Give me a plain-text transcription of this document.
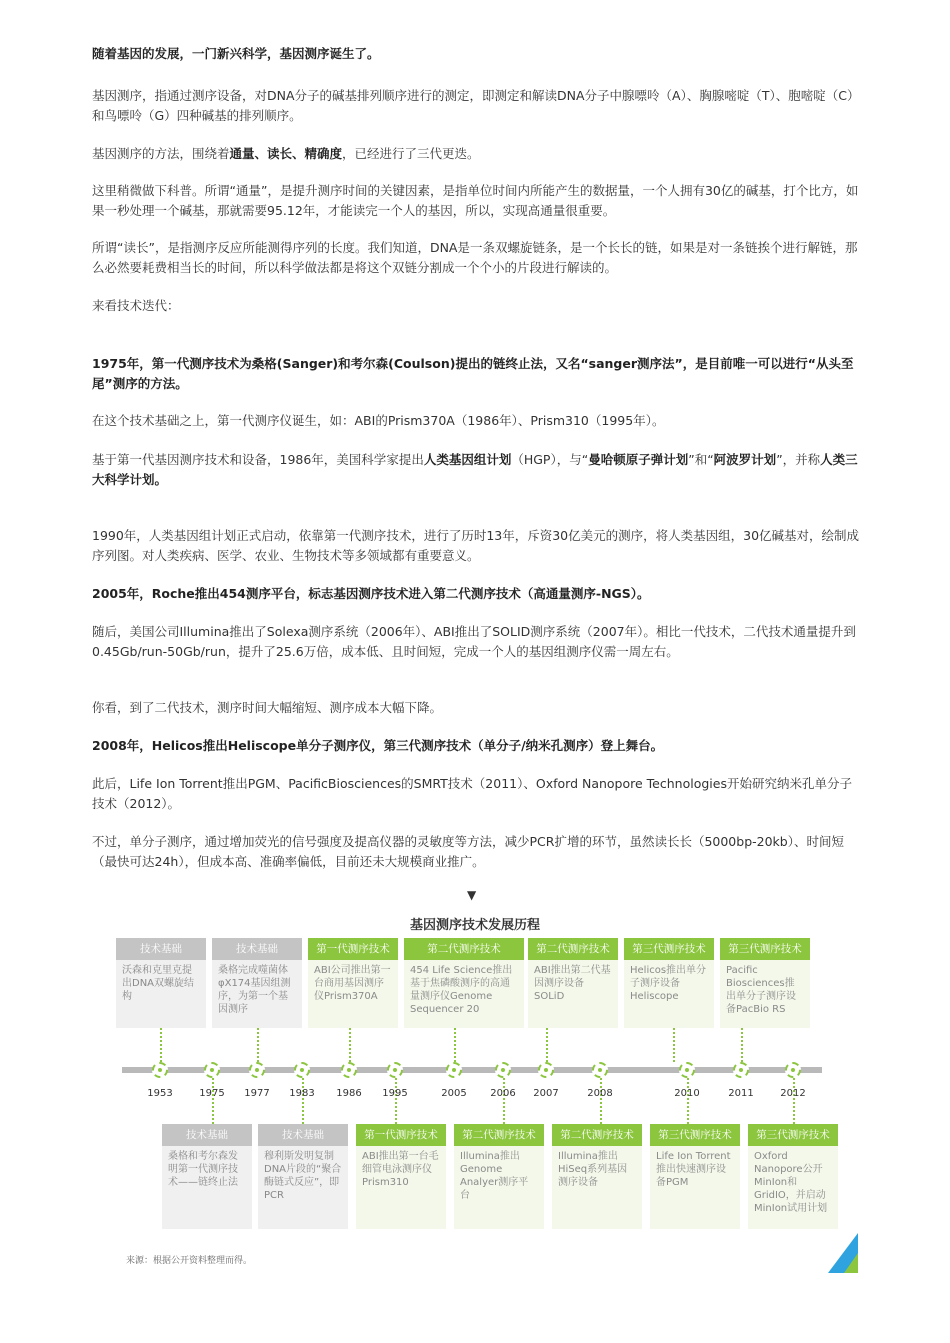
随着基因的发展，一门新兴科学，基因测序诞生了。

基因测序，指通过测序设备，对DNA分子的碱基排列顺序进行的测定，即测定和解读DNA分子中腺嘌呤（A）、胸腺嘧啶（T）、胞嘧啶（C）和鸟嘌呤（G）四种碱基的排列顺序。

基因测序的方法，围绕着通量、读长、精确度，已经进行了三代更迭。

这里稍微做下科普。所谓“通量”，是提升测序时间的关键因素，是指单位时间内所能产生的数据量，一个人拥有30亿的碱基，打个比方，如果一秒处理一个碱基，那就需要95.12年，才能读完一个人的基因，所以，实现高通量很重要。

所谓“读长”，是指测序反应所能测得序列的长度。我们知道，DNA是一条双螺旋链条，是一个长长的链，如果是对一条链挨个进行解链，那么必然要耗费相当长的时间，所以科学做法都是将这个双链分割成一个个小的片段进行解读的。

来看技术迭代：

1975年，第一代测序技术为桑格(Sanger)和考尔森(Coulson)提出的链终止法，又名“sanger测序法”，是目前唯一可以进行“从头至尾”测序的方法。

在这个技术基础之上，第一代测序仪诞生，如：ABI的Prism370A（1986年）、Prism310（1995年）。

基于第一代基因测序技术和设备，1986年，美国科学家提出人类基因组计划（HGP），与“曼哈顿原子弹计划”和“阿波罗计划”，并称人类三大科学计划。

1990年，人类基因组计划正式启动，依靠第一代测序技术，进行了历时13年，斥资30亿美元的测序，将人类基因组，30亿碱基对，绘制成序列图。对人类疾病、医学、农业、生物技术等多领域都有重要意义。

2005年，Roche推出454测序平台，标志基因测序技术进入第二代测序技术（高通量测序-NGS）。

随后，美国公司Illumina推出了Solexa测序系统（2006年）、ABI推出了SOLID测序系统（2007年）。相比一代技术，二代技术通量提升到0.45Gb/run-50Gb/run，提升了25.6万倍，成本低、且时间短，完成一个人的基因组测序仪需一周左右。

你看，到了二代技术，测序时间大幅缩短、测序成本大幅下降。

2008年，Helicos推出Heliscope单分子测序仪，第三代测序技术（单分子/纳米孔测序）登上舞台。

此后，Life Ion Torrent推出PGM、PacificBiosciences的SMRT技术（2011）、Oxford Nanopore Technologies开始研究纳米孔单分子技术（2012）。

不过，单分子测序，通过增加荧光的信号强度及提高仪器的灵敏度等方法，减少PCR扩增的环节，虽然读长长（5000bp-20kb）、时间短（最快可达24h），但成本高、准确率偏低，目前还未大规模商业推广。

▼
基因测序技术发展历程
技术基础
沃森和克里克提出DNA双螺旋结构
技术基础
桑格完成噬菌体φX174基因组测序，为第一个基因测序
第一代测序技术
ABI公司推出第一台商用基因测序仪Prism370A
第二代测序技术
454 Life Science推出基于焦磷酸测序的高通量测序仪Genome Sequencer 20
第二代测序技术
ABI推出第二代基因测序设备SOLiD
第三代测序技术
Helicos推出单分子测序设备Heliscope
第三代测序技术
Pacific Biosciences推出单分子测序设备PacBio RS
技术基础
桑格和考尔森发明第一代测序技术——链终止法
技术基础
穆利斯发明复制DNA片段的“聚合酶链式反应”，即PCR
第一代测序技术
ABI推出第一台毛细管电泳测序仪Prism310
第二代测序技术
Illumina推出Genome Analyer测序平台
第二代测序技术
Illumina推出HiSeq系列基因测序设备
第三代测序技术
Life Ion Torrent 推出快速测序设备PGM
第三代测序技术
Oxford Nanopore公开MinIon和GridIO，并启动MinIon试用计划
1953	1975	1977	1983	1986	1995	2005	2006	2007	2008	2010	2011	2012
来源：根据公开资料整理而得。
